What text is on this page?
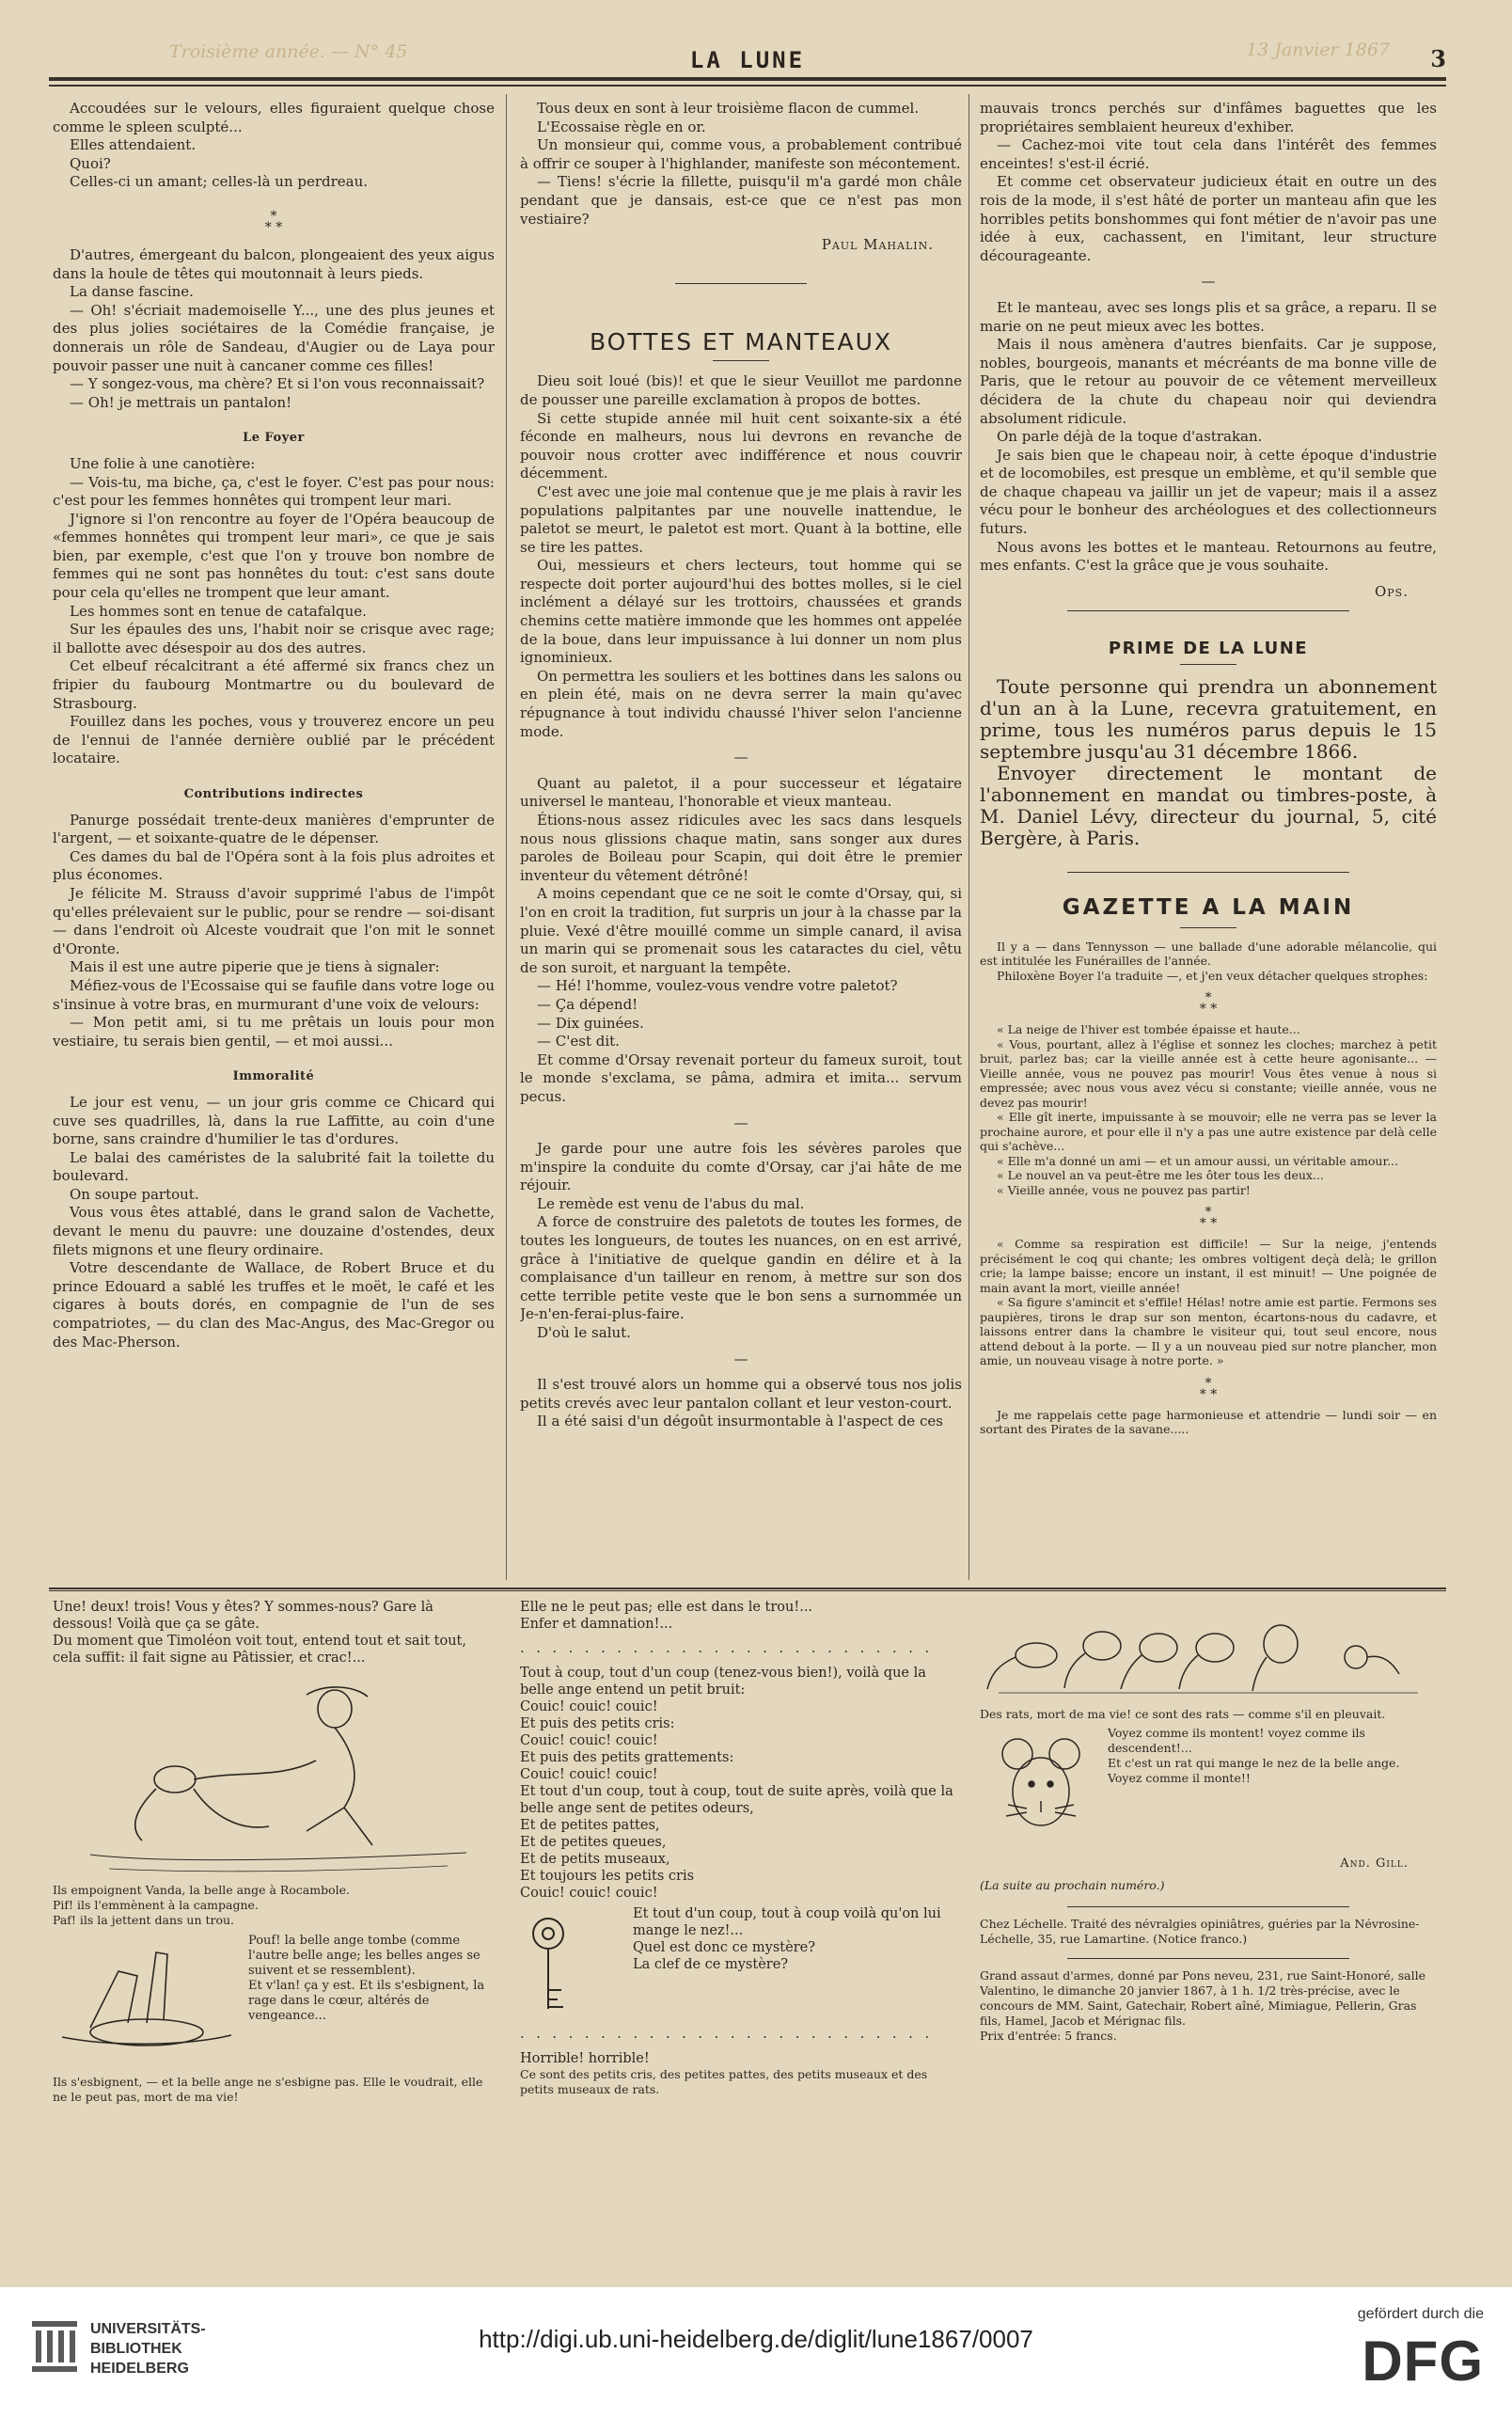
Troisième année. — N° 45	LA LUNE	13 Janvier 1867 3

Accoudées sur le velours, elles figuraient quelque chose comme le spleen sculpté...

Elles attendaient.

Quoi?

Celles-ci un amant; celles-là un perdreau.

*
* *

D'autres, émergeant du balcon, plongeaient des yeux aigus dans la houle de têtes qui moutonnait à leurs pieds.

La danse fascine.

— Oh! s'écriait mademoiselle Y..., une des plus jeunes et des plus jolies sociétaires de la Comédie française, je donnerais un rôle de Sandeau, d'Augier ou de Laya pour pouvoir passer une nuit à cancaner comme ces filles!

— Y songez-vous, ma chère? Et si l'on vous reconnaissait?

— Oh! je mettrais un pantalon!

Le Foyer

Une folie à une canotière:

— Vois-tu, ma biche, ça, c'est le foyer. C'est pas pour nous: c'est pour les femmes honnêtes qui trompent leur mari.

J'ignore si l'on rencontre au foyer de l'Opéra beaucoup de «femmes honnêtes qui trompent leur mari», ce que je sais bien, par exemple, c'est que l'on y trouve bon nombre de femmes qui ne sont pas honnêtes du tout: c'est sans doute pour cela qu'elles ne trompent que leur amant.

Les hommes sont en tenue de catafalque.

Sur les épaules des uns, l'habit noir se crisque avec rage; il ballotte avec désespoir au dos des autres.

Cet elbeuf récalcitrant a été affermé six francs chez un fripier du faubourg Montmartre ou du boulevard de Strasbourg.

Fouillez dans les poches, vous y trouverez encore un peu de l'ennui de l'année dernière oublié par le précédent locataire.

Contributions indirectes

Panurge possédait trente-deux manières d'emprunter de l'argent, — et soixante-quatre de le dépenser.

Ces dames du bal de l'Opéra sont à la fois plus adroites et plus économes.

Je félicite M. Strauss d'avoir supprimé l'abus de l'impôt qu'elles prélevaient sur le public, pour se rendre — soi-disant — dans l'endroit où Alceste voudrait que l'on mit le sonnet d'Oronte.

Mais il est une autre piperie que je tiens à signaler:

Méfiez-vous de l'Ecossaise qui se faufile dans votre loge ou s'insinue à votre bras, en murmurant d'une voix de velours:

— Mon petit ami, si tu me prêtais un louis pour mon vestiaire, tu serais bien gentil, — et moi aussi...

Immoralité

Le jour est venu, — un jour gris comme ce Chicard qui cuve ses quadrilles, là, dans la rue Laffitte, au coin d'une borne, sans craindre d'humilier le tas d'ordures.

Le balai des caméristes de la salubrité fait la toilette du boulevard.

On soupe partout.

Vous vous êtes attablé, dans le grand salon de Vachette, devant le menu du pauvre: une douzaine d'ostendes, deux filets mignons et une fleury ordinaire.

Votre descendante de Wallace, de Robert Bruce et du prince Edouard a sablé les truffes et le moët, le café et les cigares à bouts dorés, en compagnie de l'un de ses compatriotes, — du clan des Mac-Angus, des Mac-Gregor ou des Mac-Pherson.

Tous deux en sont à leur troisième flacon de cummel.

L'Ecossaise règle en or.

Un monsieur qui, comme vous, a probablement contribué à offrir ce souper à l'highlander, manifeste son mécontement.

— Tiens! s'écrie la fillette, puisqu'il m'a gardé mon châle pendant que je dansais, est-ce que ce n'est pas mon vestiaire?

Paul Mahalin.
BOTTES ET MANTEAUX

Dieu soit loué (bis)! et que le sieur Veuillot me pardonne de pousser une pareille exclamation à propos de bottes.

Si cette stupide année mil huit cent soixante-six a été féconde en malheurs, nous lui devrons en revanche de pouvoir nous crotter avec indifférence et nous couvrir décemment.

C'est avec une joie mal contenue que je me plais à ravir les populations palpitantes par une nouvelle inattendue, le paletot se meurt, le paletot est mort. Quant à la bottine, elle se tire les pattes.

Oui, messieurs et chers lecteurs, tout homme qui se respecte doit porter aujourd'hui des bottes molles, si le ciel inclément a délayé sur les trottoirs, chaussées et grands chemins cette matière immonde que les hommes ont appelée de la boue, dans leur impuissance à lui donner un nom plus ignominieux.

On permettra les souliers et les bottines dans les salons ou en plein été, mais on ne devra serrer la main qu'avec répugnance à tout individu chaussé l'hiver selon l'ancienne mode.

—

Quant au paletot, il a pour successeur et légataire universel le manteau, l'honorable et vieux manteau.

Étions-nous assez ridicules avec les sacs dans lesquels nous nous glissions chaque matin, sans songer aux dures paroles de Boileau pour Scapin, qui doit être le premier inventeur du vêtement détrôné!

A moins cependant que ce ne soit le comte d'Orsay, qui, si l'on en croit la tradition, fut surpris un jour à la chasse par la pluie. Vexé d'être mouillé comme un simple canard, il avisa un marin qui se promenait sous les cataractes du ciel, vêtu de son suroit, et narguant la tempête.

— Hé! l'homme, voulez-vous vendre votre paletot?

— Ça dépend!

— Dix guinées.

— C'est dit.

Et comme d'Orsay revenait porteur du fameux suroit, tout le monde s'exclama, se pâma, admira et imita... servum pecus.

—

Je garde pour une autre fois les sévères paroles que m'inspire la conduite du comte d'Orsay, car j'ai hâte de me réjouir.

Le remède est venu de l'abus du mal.

A force de construire des paletots de toutes les formes, de toutes les longueurs, de toutes les nuances, on en est arrivé, grâce à l'initiative de quelque gandin en délire et à la complaisance d'un tailleur en renom, à mettre sur son dos cette terrible petite veste que le bon sens a surnommée un Je-n'en-ferai-plus-faire.

D'où le salut.

—

Il s'est trouvé alors un homme qui a observé tous nos jolis petits crevés avec leur pantalon collant et leur veston-court.

Il a été saisi d'un dégoût insurmontable à l'aspect de ces

mauvais troncs perchés sur d'infâmes baguettes que les propriétaires semblaient heureux d'exhiber.

— Cachez-moi vite tout cela dans l'intérêt des femmes enceintes! s'est-il écrié.

Et comme cet observateur judicieux était en outre un des rois de la mode, il s'est hâté de porter un manteau afin que les horribles petits bonshommes qui font métier de n'avoir pas une idée à eux, cachassent, en l'imitant, leur structure décourageante.

—

Et le manteau, avec ses longs plis et sa grâce, a reparu. Il se marie on ne peut mieux avec les bottes.

Mais il nous amènera d'autres bienfaits. Car je suppose, nobles, bourgeois, manants et mécréants de ma bonne ville de Paris, que le retour au pouvoir de ce vêtement merveilleux décidera de la chute du chapeau noir qui deviendra absolument ridicule.

On parle déjà de la toque d'astrakan.

Je sais bien que le chapeau noir, à cette époque d'industrie et de locomobiles, est presque un emblème, et qu'il semble que de chaque chapeau va jaillir un jet de vapeur; mais il a assez vécu pour le bonheur des archéologues et des collectionneurs futurs.

Nous avons les bottes et le manteau. Retournons au feutre, mes enfants. C'est la grâce que je vous souhaite.

Ops.
PRIME DE LA LUNE

Toute personne qui prendra un abonnement d'un an à la Lune, recevra gratuitement, en prime, tous les numéros parus depuis le 15 septembre jusqu'au 31 décembre 1866.

Envoyer directement le montant de l'abonnement en mandat ou timbres-poste, à M. Daniel Lévy, directeur du journal, 5, cité Bergère, à Paris.

GAZETTE A LA MAIN

Il y a — dans Tennysson — une ballade d'une adorable mélancolie, qui est intitulée les Funérailles de l'année.

Philoxène Boyer l'a traduite —, et j'en veux détacher quelques strophes:

*
* *

« La neige de l'hiver est tombée épaisse et haute...

« Vous, pourtant, allez à l'église et sonnez les cloches; marchez à petit bruit, parlez bas; car la vieille année est à cette heure agonisante... — Vieille année, vous ne pouvez pas mourir! Vous êtes venue à nous si empressée; avec nous vous avez vécu si constante; vieille année, vous ne devez pas mourir!

« Elle gît inerte, impuissante à se mouvoir; elle ne verra pas se lever la prochaine aurore, et pour elle il n'y a pas une autre existence par delà celle qui s'achève...

« Elle m'a donné un ami — et un amour aussi, un véritable amour...

« Le nouvel an va peut-être me les ôter tous les deux...

« Vieille année, vous ne pouvez pas partir!

*
* *

« Comme sa respiration est difficile! — Sur la neige, j'entends précisément le coq qui chante; les ombres voltigent deçà delà; le grillon crie; la lampe baisse; encore un instant, il est minuit! — Une poignée de main avant la mort, vieille année!

« Sa figure s'amincit et s'effile! Hélas! notre amie est partie. Fermons ses paupières, tirons le drap sur son menton, écartons-nous du cadavre, et laissons entrer dans la chambre le visiteur qui, tout seul encore, nous attend debout à la porte. — Il y a un nouveau pied sur notre plancher, mon amie, un nouveau visage à notre porte. »

*
* *

Je me rappelais cette page harmonieuse et attendrie — lundi soir — en sortant des Pirates de la savane.....

Une! deux! trois! Vous y êtes? Y sommes-nous? Gare là dessous! Voilà que ça se gâte.

Du moment que Timoléon voit tout, entend tout et sait tout, cela suffit: il fait signe au Pâtissier, et crac!...

Ils empoignent Vanda, la belle ange à Rocambole.

Pif! ils l'emmènent à la campagne.

Paf! ils la jettent dans un trou.

Pouf! la belle ange tombe (comme l'autre belle ange; les belles anges se suivent et se ressemblent).

Et v'lan! ça y est. Et ils s'esbignent, la rage dans le cœur, altérés de vengeance...

Ils s'esbignent, — et la belle ange ne s'esbigne pas. Elle le voudrait, elle ne le peut pas, mort de ma vie!

Elle ne le peut pas; elle est dans le trou!...

Enfer et damnation!...

. . . . . . . . . . . . . . . . . . . . . . . . . .

Tout à coup, tout d'un coup (tenez-vous bien!), voilà que la belle ange entend un petit bruit:

Couic! couic! couic!

Et puis des petits cris:

Couic! couic! couic!

Et puis des petits grattements:

Couic! couic! couic!

Et tout d'un coup, tout à coup, tout de suite après, voilà que la belle ange sent de petites odeurs,

Et de petites pattes,

Et de petites queues,

Et de petits museaux,

Et toujours les petits cris

Couic! couic! couic!

Et tout d'un coup, tout à coup voilà qu'on lui mange le nez!...

Quel est donc ce mystère?

La clef de ce mystère?

. . . . . . . . . . . . . . . . . . . . . . . . . .

Horrible! horrible!

Ce sont des petits cris, des petites pattes, des petits museaux et des petits museaux de rats.

Des rats, mort de ma vie! ce sont des rats — comme s'il en pleuvait.

Voyez comme ils montent! voyez comme ils descendent!...

Et c'est un rat qui mange le nez de la belle ange.

Voyez comme il monte!!

And. Gill.

(La suite au prochain numéro.)

Chez Léchelle. Traité des névralgies opiniâtres, guéries par la Névrosine-Léchelle, 35, rue Lamartine. (Notice franco.)

Grand assaut d'armes, donné par Pons neveu, 231, rue Saint-Honoré, salle Valentino, le dimanche 20 janvier 1867, à 1 h. 1/2 très-précise, avec le concours de MM. Saint, Gatechair, Robert aîné, Mimiague, Pellerin, Gras fils, Hamel, Jacob et Mérignac fils.

Prix d'entrée: 5 francs.

UNIVERSITÄTS-
BIBLIOTHEK
HEIDELBERG
http://digi.ub.uni-heidelberg.de/diglit/lune1867/0007
gefördert durch die
DFG
